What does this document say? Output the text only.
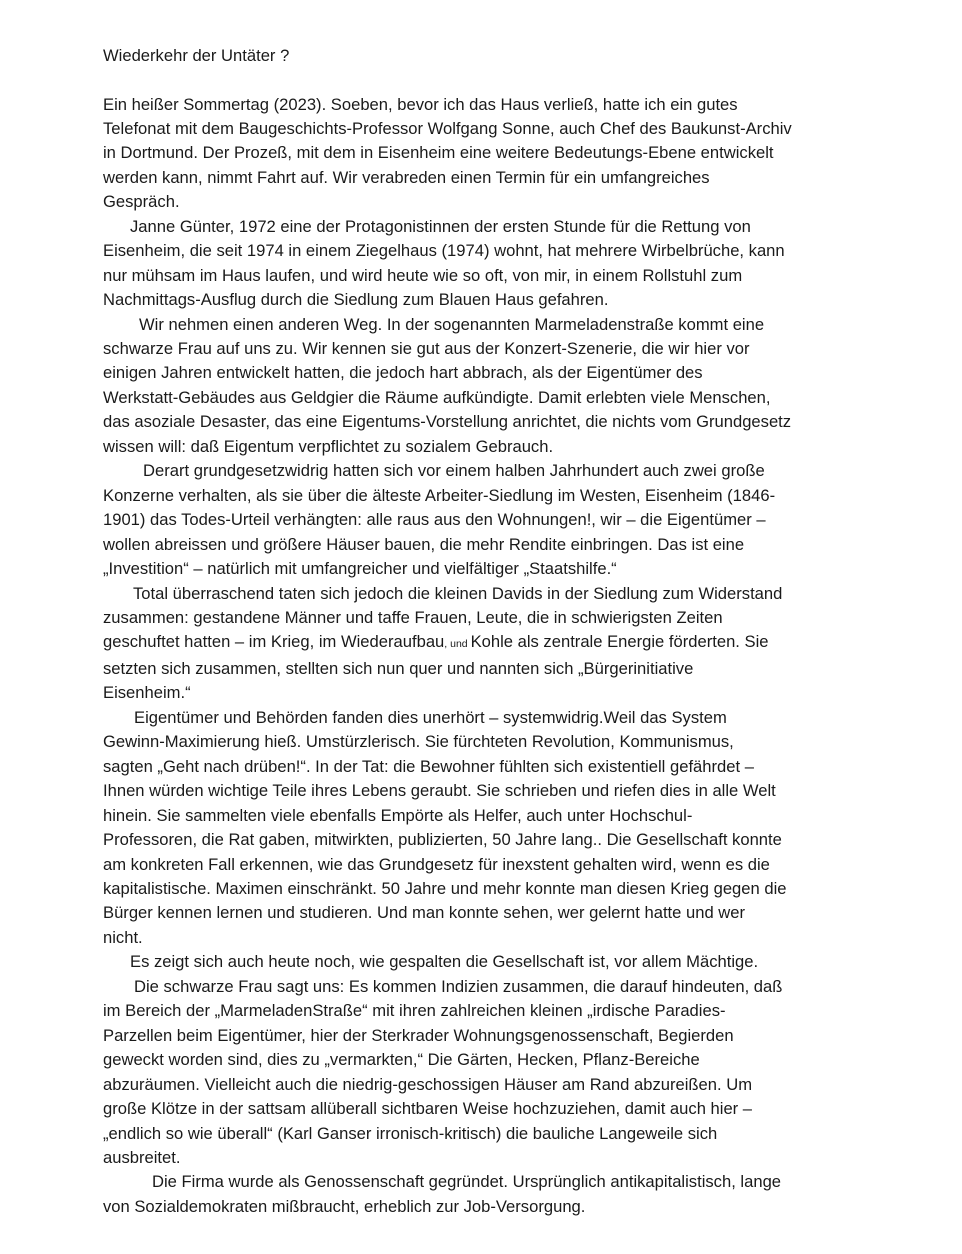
Wiederkehr der Untäter ?
Ein heißer Sommertag (2023). Soeben, bevor ich das Haus verließ, hatte ich ein gutes
Telefonat mit dem Baugeschichts-Professor Wolfgang Sonne, auch Chef des Baukunst-Archiv
in Dortmund. Der Prozeß, mit dem in Eisenheim eine weitere Bedeutungs-Ebene entwickelt
werden kann, nimmt Fahrt auf. Wir verabreden einen Termin für ein umfangreiches
Gespräch.
Janne Günter, 1972 eine der Protagonistinnen der ersten Stunde für die Rettung von
Eisenheim, die seit 1974 in einem Ziegelhaus (1974) wohnt, hat mehrere Wirbelbrüche, kann
nur mühsam im Haus laufen, und wird heute wie so oft, von mir, in einem Rollstuhl zum
Nachmittags-Ausflug durch die Siedlung zum Blauen Haus gefahren.
Wir nehmen einen anderen Weg. In der sogenannten Marmeladenstraße kommt eine
schwarze Frau auf uns zu. Wir kennen sie gut aus der Konzert-Szenerie, die wir hier vor
einigen Jahren entwickelt hatten, die jedoch hart abbrach, als der Eigentümer des
Werkstatt-Gebäudes aus Geldgier die Räume aufkündigte. Damit erlebten viele Menschen,
das asoziale Desaster, das eine Eigentums-Vorstellung anrichtet, die nichts vom Grundgesetz
wissen will: daß Eigentum verpflichtet zu sozialem Gebrauch.
Derart grundgesetzwidrig hatten sich vor einem halben Jahrhundert auch zwei große
Konzerne verhalten, als sie über die älteste Arbeiter-Siedlung im Westen, Eisenheim (1846-
1901) das Todes-Urteil verhängten: alle raus aus den Wohnungen!, wir – die Eigentümer –
wollen abreissen und größere Häuser bauen, die mehr Rendite einbringen. Das ist eine
„Investition“ – natürlich mit umfangreicher und vielfältiger „Staatshilfe.“
Total überraschend taten sich jedoch die kleinen Davids in der Siedlung zum Widerstand
zusammen: gestandene Männer und taffe Frauen, Leute, die in schwierigsten Zeiten
geschuftet hatten – im Krieg, im Wiederaufbau, und Kohle als zentrale Energie förderten. Sie
setzten sich zusammen, stellten sich nun quer und nannten sich „Bürgerinitiative
Eisenheim.“
Eigentümer und Behörden fanden dies unerhört – systemwidrig.Weil das System
Gewinn-Maximierung hieß. Umstürzlerisch. Sie fürchteten Revolution, Kommunismus,
sagten „Geht nach drüben!“. In der Tat: die Bewohner fühlten sich existentiell gefährdet –
Ihnen würden wichtige Teile ihres Lebens geraubt. Sie schrieben und riefen dies in alle Welt
hinein. Sie sammelten viele ebenfalls Empörte als Helfer, auch unter Hochschul-
Professoren, die Rat gaben, mitwirkten, publizierten, 50 Jahre lang.. Die Gesellschaft konnte
am konkreten Fall erkennen, wie das Grundgesetz für inexstent gehalten wird, wenn es die
kapitalistische. Maximen einschränkt. 50 Jahre und mehr konnte man diesen Krieg gegen die
Bürger kennen lernen und studieren. Und man konnte sehen, wer gelernt hatte und wer
nicht.
Es zeigt sich auch heute noch, wie gespalten die Gesellschaft ist, vor allem Mächtige.
Die schwarze Frau sagt uns: Es kommen Indizien zusammen, die darauf hindeuten, daß
im Bereich der „MarmeladenStraße“ mit ihren zahlreichen kleinen „irdische Paradies-
Parzellen beim Eigentümer, hier der Sterkrader Wohnungsgenossenschaft, Begierden
geweckt worden sind, dies zu „vermarkten,“ Die Gärten, Hecken, Pflanz-Bereiche
abzuräumen. Vielleicht auch die niedrig-geschossigen Häuser am Rand abzureißen. Um
große Klötze in der sattsam allüberall sichtbaren Weise hochzuziehen, damit auch hier –
„endlich so wie überall“ (Karl Ganser irronisch-kritisch) die bauliche Langeweile sich
ausbreitet.
Die Firma wurde als Genossenschaft gegründet. Ursprünglich antikapitalistisch, lange
von Sozialdemokraten mißbraucht, erheblich zur Job-Versorgung.
